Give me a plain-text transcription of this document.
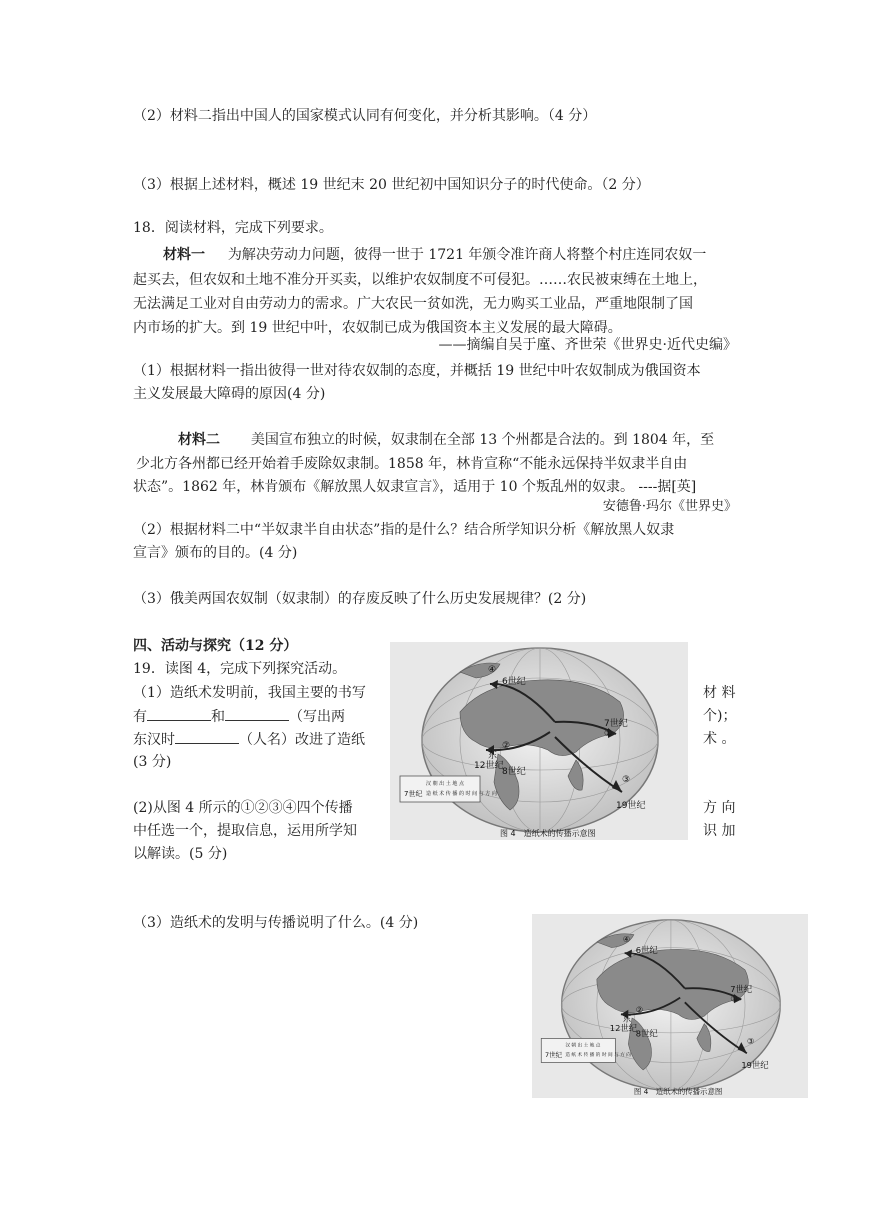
（2）材料二指出中国人的国家模式认同有何变化，并分析其影响。（4 分）
（3）根据上述材料，概述 19 世纪末 20 世纪初中国知识分子的时代使命。（2 分）
18．阅读材料，完成下列要求。
材料一 为解决劳动力问题，彼得一世于 1721 年颁令准许商人将整个村庄连同农奴一
起买去，但农奴和土地不准分开买卖，以维护农奴制度不可侵犯。……农民被束缚在土地上，
无法满足工业对自由劳动力的需求。广大农民一贫如洗，无力购买工业品，严重地限制了国
内市场的扩大。到 19 世纪中叶，农奴制已成为俄国资本主义发展的最大障碍。
——摘编自吴于廑、齐世荣《世界史·近代史编》
（1）根据材料一指出彼得一世对待农奴制的态度，并概括 19 世纪中叶农奴制成为俄国资本
主义发展最大障碍的原因(4 分)
材料二 美国宣布独立的时候，奴隶制在全部 13 个州都是合法的。到 1804 年，至
少北方各州都已经开始着手废除奴隶制。1858 年，林肯宣称“不能永远保持半奴隶半自由
状态”。1862 年，林肯颁布《解放黑人奴隶宣言》，适用于 10 个叛乱州的奴隶。 ----据[英]
安德鲁·玛尔《世界史》
（2）根据材料二中“半奴隶半自由状态”指的是什么？结合所学知识分析《解放黑人奴隶
宣言》颁布的目的。(4 分)
（3）俄美两国农奴制（奴隶制）的存废反映了什么历史发展规律？(2 分)
四、活动与探究（12 分）
19．读图 4，完成下列探究活动。
（1）造纸术发明前，我国主要的书写	材 料
有	和	（写出两	个)；
东汉时	（人名）改进了造纸	术 。
(3 分)
(2)从图 4 所示的①②③④四个传播	方 向
中任选一个，提取信息，运用所学知	识 加
以解读。(5 分)
（3）造纸术的发明与传播说明了什么。(4 分)
④
6世纪
7世纪
①
12世纪
东
②
8世纪
19世纪
③
7世纪
汉 朝 出 土 地 点
造 纸 术 传 播 的 时 间 与 方 向
图 4　造纸术的传播示意图
④
6世纪
7世纪
①
12世纪
东
②
8世纪
19世纪
③
7世纪
汉 朝 出 土 地 点
造 纸 术 传 播 的 时 间 与 方 向
图 4　造纸术的传播示意图
